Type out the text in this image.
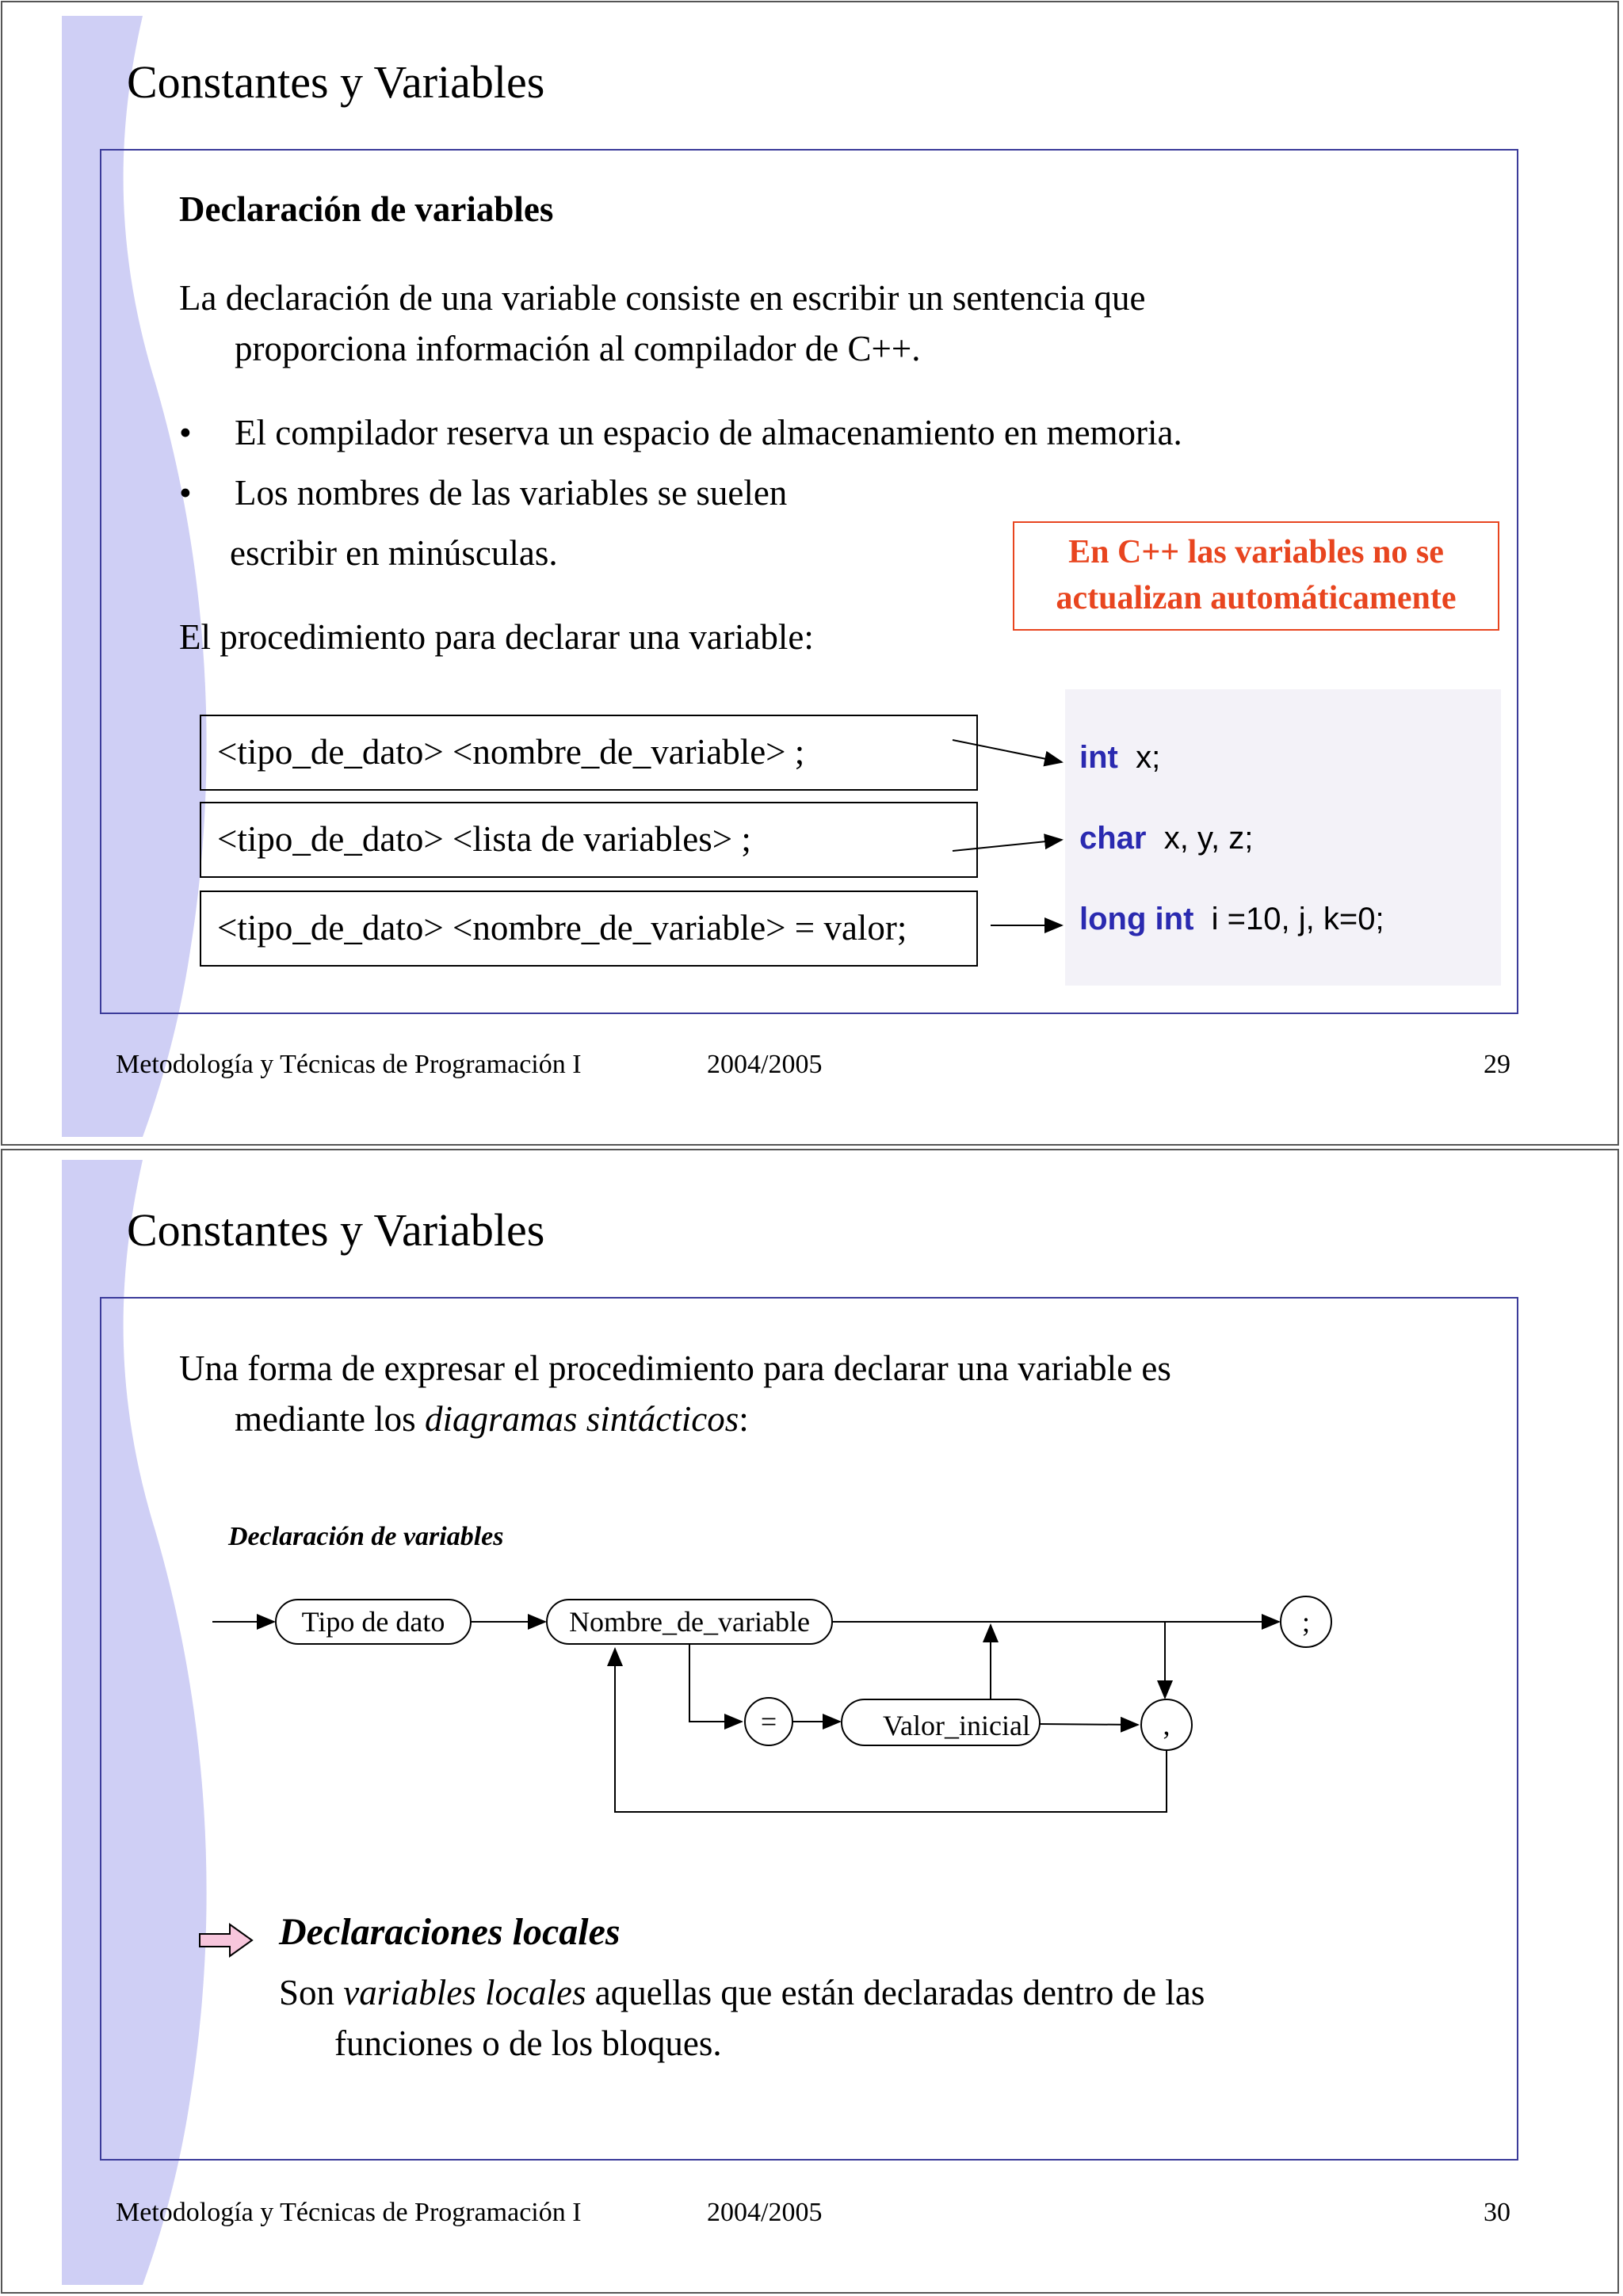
Constantes y Variables
Declaración de variables
La declaración de una variable consiste en escribir un sentencia que
proporciona información al compilador de C++.
• El compilador reserva un espacio de almacenamiento en memoria.
• Los nombres de las variables se suelen
escribir en minúsculas.	En C++ las variables no se
actualizan automáticamente
El procedimiento para declarar una variable:
<tipo_de_dato> <nombre_de_variable> ;
<tipo_de_dato> <lista de variables> ;
<tipo_de_dato> <nombre_de_variable> = valor;
int x;
char x, y, z;
long int i =10, j, k=0;
Metodología y Técnicas de Programación I	2004/2005	29
Constantes y Variables
Una forma de expresar el procedimiento para declarar una variable es
mediante los diagramas sintácticos:
Declaración de variables
Tipo de dato	Nombre_de_variable	;
=	Valor_inicial	,
Declaraciones locales
Son variables locales aquellas que están declaradas dentro de las
funciones o de los bloques.
Metodología y Técnicas de Programación I	2004/2005	30
